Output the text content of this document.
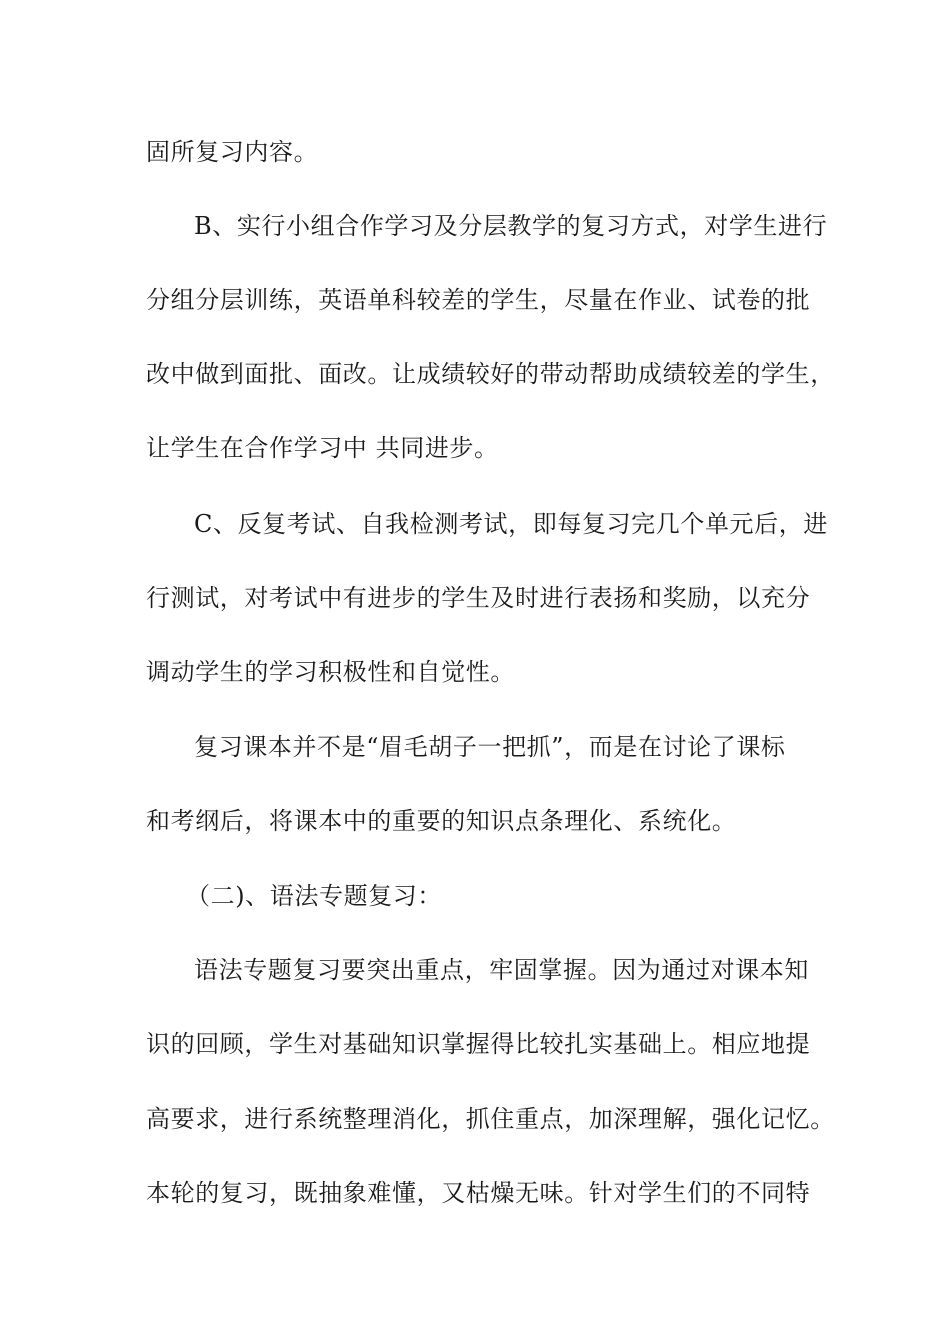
固所复习内容。
B、实行小组合作学习及分层教学的复习方式，对学生进行
分组分层训练，英语单科较差的学生，尽量在作业、试卷的批
改中做到面批、面改。让成绩较好的带动帮助成绩较差的学生，
让学生在合作学习中 共同进步。
C、反复考试、自我检测考试，即每复习完几个单元后，进
行测试，对考试中有进步的学生及时进行表扬和奖励，以充分
调动学生的学习积极性和自觉性。
复习课本并不是“眉毛胡子一把抓”，而是在讨论了课标
和考纲后，将课本中的重要的知识点条理化、系统化。
（二)、语法专题复习：
语法专题复习要突出重点，牢固掌握。因为通过对课本知
识的回顾，学生对基础知识掌握得比较扎实基础上。相应地提
高要求，进行系统整理消化，抓住重点，加深理解，强化记忆。
本轮的复习，既抽象难懂，又枯燥无味。针对学生们的不同特
